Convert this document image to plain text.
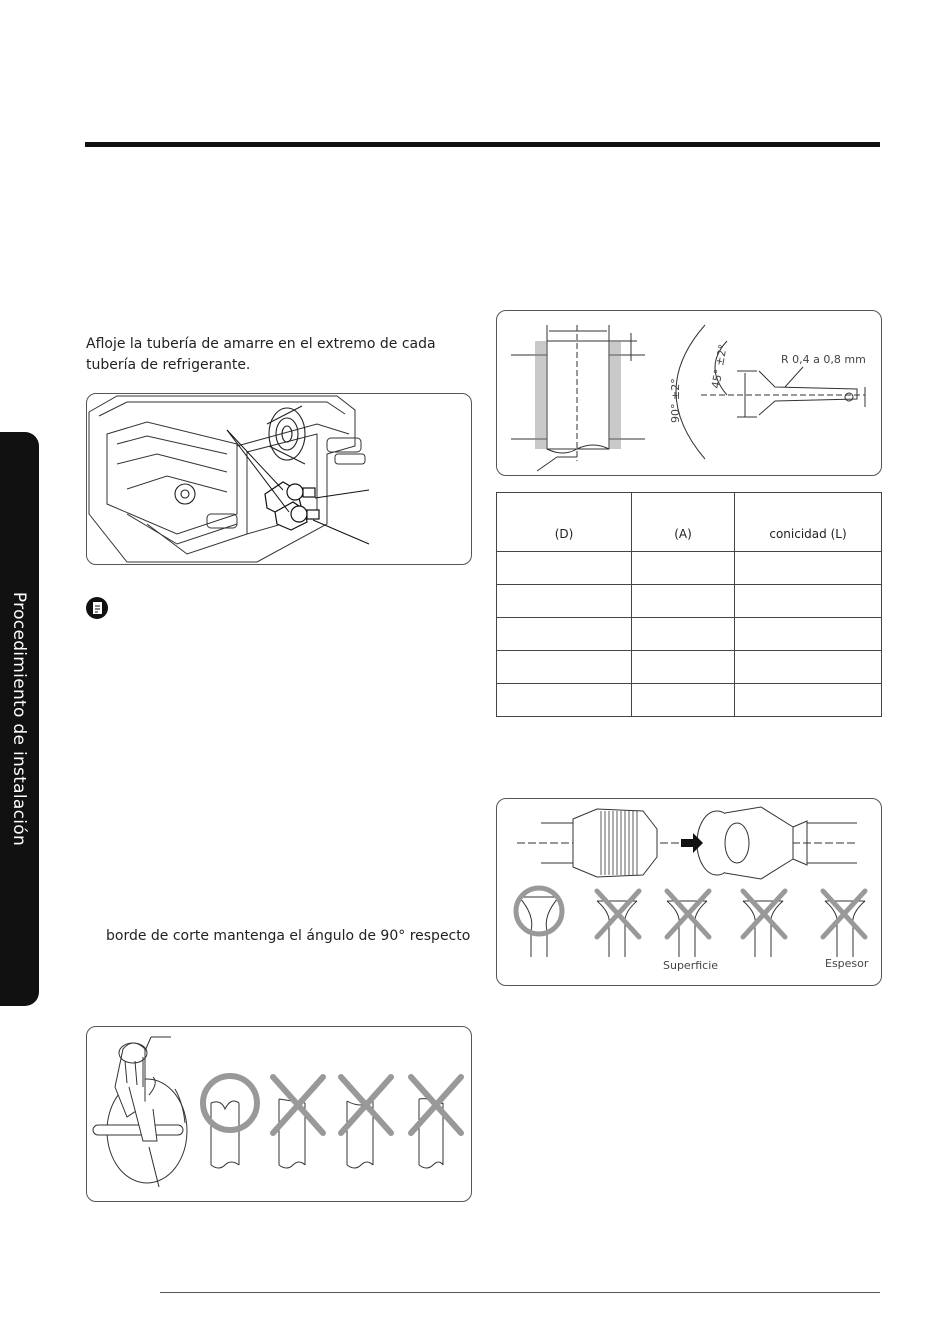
Procedimiento de instalación
Afloje la tubería de amarre en el extremo de cada tubería de refrigerante.
borde de corte mantenga el ángulo de 90° respecto
R 0,4 a 0,8 mm
45° ±2°
90° ±2°
(D)	(A)	conicidad (L)

Superficie	Espesor
